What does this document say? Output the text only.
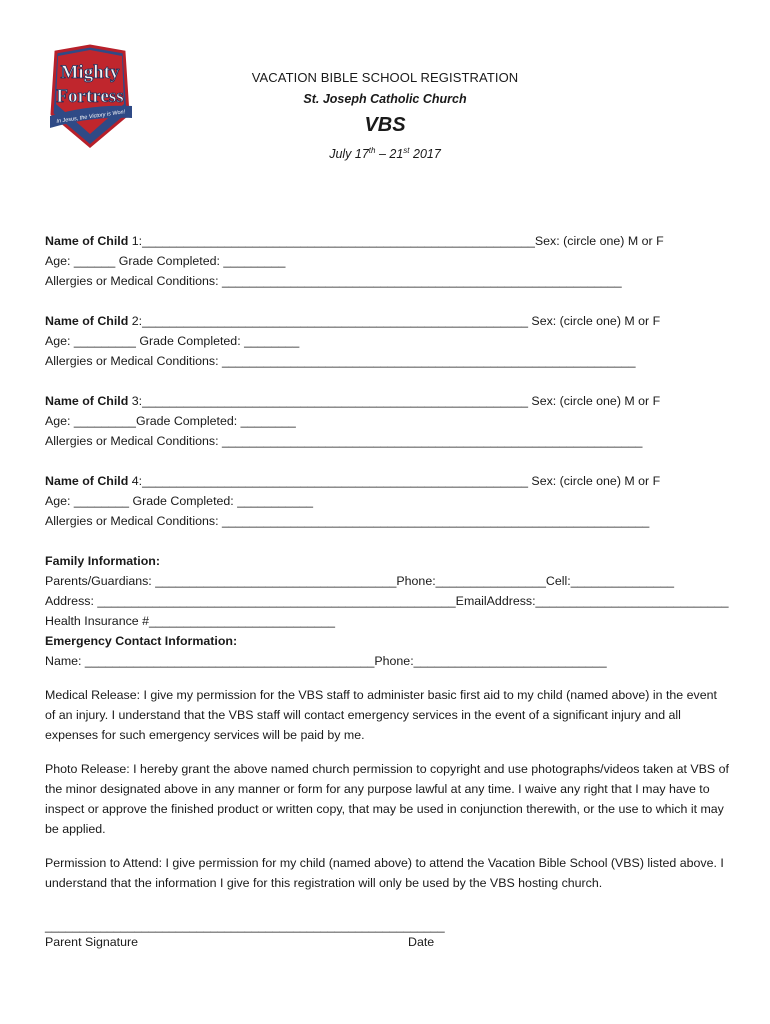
Mighty
Fortress
In Jesus, the Victory is Won!
VACATION BIBLE SCHOOL REGISTRATION
St. Joseph Catholic Church
VBS
July 17th – 21st 2017
Name of Child 1:_________________________________________________________Sex: (circle one) M or F
Age: ______ Grade Completed: _________
Allergies or Medical Conditions: __________________________________________________________
Name of Child 2:________________________________________________________ Sex: (circle one) M or F
Age: _________ Grade Completed: ________
Allergies or Medical Conditions: ____________________________________________________________
Name of Child 3:________________________________________________________ Sex: (circle one) M or F
Age: _________Grade Completed: ________
Allergies or Medical Conditions: _____________________________________________________________
Name of Child 4:________________________________________________________ Sex: (circle one) M or F
Age: ________ Grade Completed: ___________
Allergies or Medical Conditions: ______________________________________________________________
Family Information:
Parents/Guardians: ___________________________________Phone:________________Cell:_______________
Address: ____________________________________________________EmailAddress:____________________________
Health Insurance #___________________________
Emergency Contact Information:
Name: __________________________________________Phone:____________________________
Medical Release: I give my permission for the VBS staff to administer basic first aid to my child (named above) in the event of an injury. I understand that the VBS staff will contact emergency services in the event of a significant injury and all expenses for such emergency services will be paid by me.
Photo Release: I hereby grant the above named church permission to copyright and use photographs/videos taken at VBS of the minor designated above in any manner or form for any purpose lawful at any time. I waive any right that I may have to inspect or approve the finished product or written copy, that may be used in conjunction therewith, or the use to which it may be applied.
Permission to Attend: I give permission for my child (named above) to attend the Vacation Bible School (VBS) listed above. I understand that the information I give for this registration will only be used by the VBS hosting church.
__________________________________________________________
Parent Signature	Date
